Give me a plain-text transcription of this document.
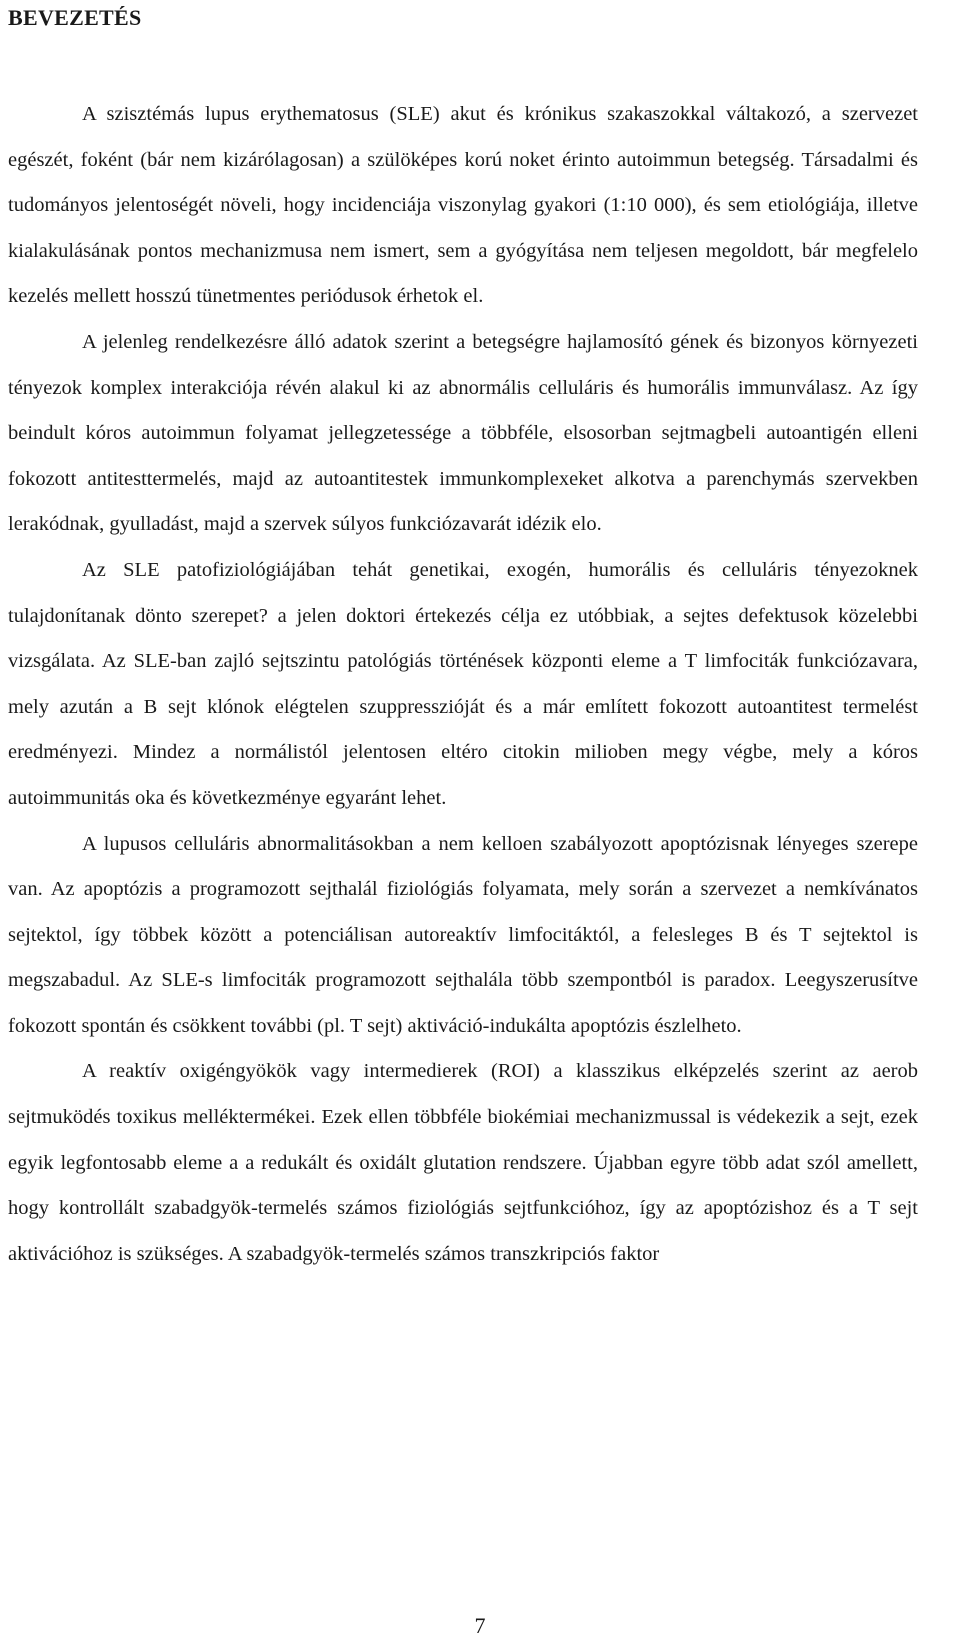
BEVEZETÉS

A szisztémás lupus erythematosus (SLE) akut és krónikus szakaszokkal váltakozó, a szervezet egészét, foként (bár nem kizárólagosan) a szülöképes korú noket érinto autoimmun betegség. Társadalmi és tudományos jelentoségét növeli, hogy incidenciája viszonylag gyakori (1:10 000), és sem etiológiája, illetve kialakulásának pontos mechanizmusa nem ismert, sem a gyógyítása nem teljesen megoldott, bár megfelelo kezelés mellett hosszú tünetmentes periódusok érhetok el.

A jelenleg rendelkezésre álló adatok szerint a betegségre hajlamosító gének és bizonyos környezeti tényezok komplex interakciója révén alakul ki az abnormális celluláris és humorális immunválasz. Az így beindult kóros autoimmun folyamat jellegzetessége a többféle, elsosorban sejtmagbeli autoantigén elleni fokozott antitesttermelés, majd az autoantitestek immunkomplexeket alkotva a parenchymás szervekben lerakódnak, gyulladást, majd a szervek súlyos funkciózavarát idézik elo.

Az SLE patofiziológiájában tehát genetikai, exogén, humorális és celluláris tényezoknek tulajdonítanak dönto szerepet? a jelen doktori értekezés célja ez utóbbiak, a sejtes defektusok közelebbi vizsgálata. Az SLE-ban zajló sejtszintu patológiás történések központi eleme a T limfociták funkciózavara, mely azután a B sejt klónok elégtelen szuppresszióját és a már említett fokozott autoantitest termelést eredményezi. Mindez a normálistól jelentosen eltéro citokin milioben megy végbe, mely a kóros autoimmunitás oka és következménye egyaránt lehet.

A lupusos celluláris abnormalitásokban a nem kelloen szabályozott apoptózisnak lényeges szerepe van. Az apoptózis a programozott sejthalál fiziológiás folyamata, mely során a szervezet a nemkívánatos sejtektol, így többek között a potenciálisan autoreaktív limfocitáktól, a felesleges B és T sejtektol is megszabadul. Az SLE-s limfociták programozott sejthalála több szempontból is paradox. Leegyszerusítve fokozott spontán és csökkent további (pl. T sejt) aktiváció-indukálta apoptózis észlelheto.

A reaktív oxigéngyökök vagy intermedierek (ROI) a klasszikus elképzelés szerint az aerob sejtmuködés toxikus melléktermékei. Ezek ellen többféle biokémiai mechanizmussal is védekezik a sejt, ezek egyik legfontosabb eleme a a redukált és oxidált glutation rendszere. Újabban egyre több adat szól amellett, hogy kontrollált szabadgyök-termelés számos fiziológiás sejtfunkcióhoz, így az apoptózishoz és a T sejt aktivációhoz is szükséges. A szabadgyök-termelés számos transzkripciós faktor

7
